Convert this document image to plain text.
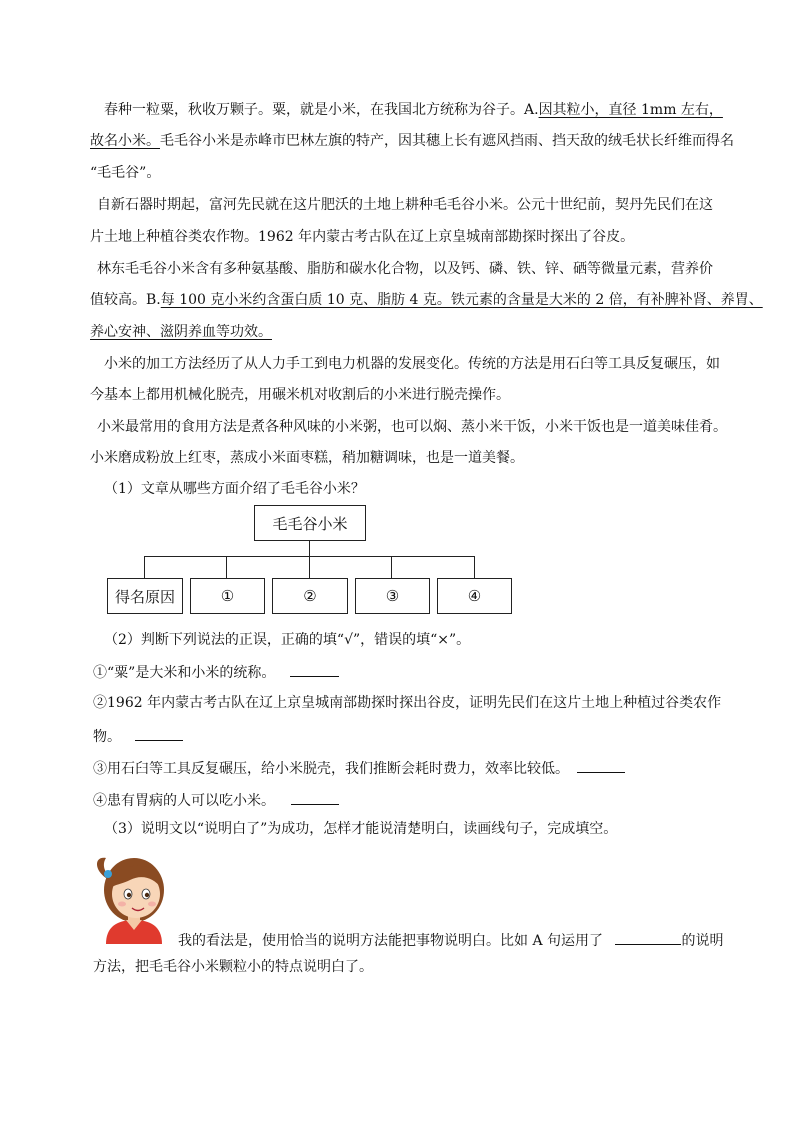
春种一粒粟，秋收万颗子。粟，就是小米，在我国北方统称为谷子。A.因其粒小，直径 1mm 左右，
故名小米。毛毛谷小米是赤峰市巴林左旗的特产，因其穗上长有遮风挡雨、挡天敌的绒毛状长纤维而得名
“毛毛谷”。
自新石器时期起，富河先民就在这片肥沃的土地上耕种毛毛谷小米。公元十世纪前，契丹先民们在这
片土地上种植谷类农作物。1962 年内蒙古考古队在辽上京皇城南部勘探时探出了谷皮。
林东毛毛谷小米含有多种氨基酸、脂肪和碳水化合物，以及钙、磷、铁、锌、硒等微量元素，营养价
值较高。B.每 100 克小米约含蛋白质 10 克、脂肪 4 克。铁元素的含量是大米的 2 倍，有补脾补肾、养胃、
养心安神、滋阴养血等功效。
小米的加工方法经历了从人力手工到电力机器的发展变化。传统的方法是用石臼等工具反复碾压，如
今基本上都用机械化脱壳，用碾米机对收割后的小米进行脱壳操作。
小米最常用的食用方法是煮各种风味的小米粥，也可以焖、蒸小米干饭，小米干饭也是一道美味佳肴。
小米磨成粉放上红枣，蒸成小米面枣糕，稍加糖调味，也是一道美餐。
（1）文章从哪些方面介绍了毛毛谷小米？
毛毛谷小米
得名原因	①	②	③	④
（2）判断下列说法的正误，正确的填“√”，错误的填“×”。
①“粟”是大米和小米的统称。
②1962 年内蒙古考古队在辽上京皇城南部勘探时探出谷皮，证明先民们在这片土地上种植过谷类农作
物。
③用石臼等工具反复碾压，给小米脱壳，我们推断会耗时费力，效率比较低。
④患有胃病的人可以吃小米。
（3）说明文以“说明白了”为成功，怎样才能说清楚明白，读画线句子，完成填空。
我的看法是，使用恰当的说明方法能把事物说明白。比如 A 句运用了	的说明
方法，把毛毛谷小米颗粒小的特点说明白了。
